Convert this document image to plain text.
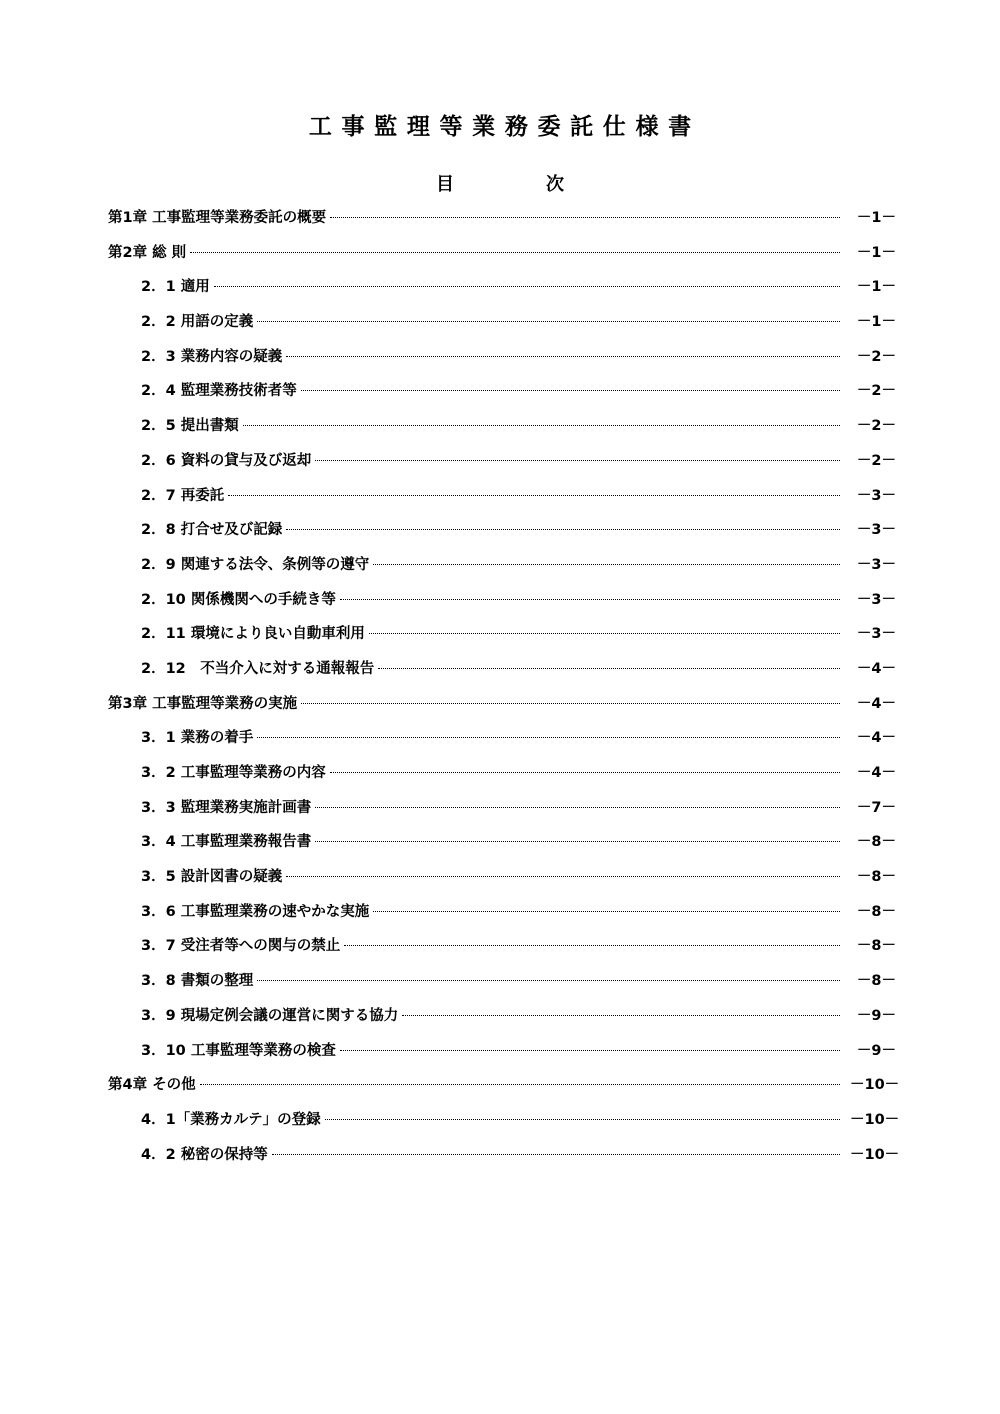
工事監理等業務委託仕様書
目	次
第1章 工事監理等業務委託の概要	－1－
第2章 総 則	－1－
2．1 適用	－1－
2．2 用語の定義	－1－
2．3 業務内容の疑義	－2－
2．4 監理業務技術者等	－2－
2．5 提出書類	－2－
2．6 資料の貸与及び返却	－2－
2．7 再委託	－3－
2．8 打合せ及び記録	－3－
2．9 関連する法令、条例等の遵守	－3－
2．10 関係機関への手続き等	－3－
2．11 環境により良い自動車利用	－3－
2．12　不当介入に対する通報報告	－4－
第3章 工事監理等業務の実施	－4－
3．1 業務の着手	－4－
3．2 工事監理等業務の内容	－4－
3．3 監理業務実施計画書	－7－
3．4 工事監理業務報告書	－8－
3．5 設計図書の疑義	－8－
3．6 工事監理業務の速やかな実施	－8－
3．7 受注者等への関与の禁止	－8－
3．8 書類の整理	－8－
3．9 現場定例会議の運営に関する協力	－9－
3．10 工事監理等業務の検査	－9－
第4章 その他	－10－
4．1「業務カルテ」の登録	－10－
4．2 秘密の保持等	－10－
